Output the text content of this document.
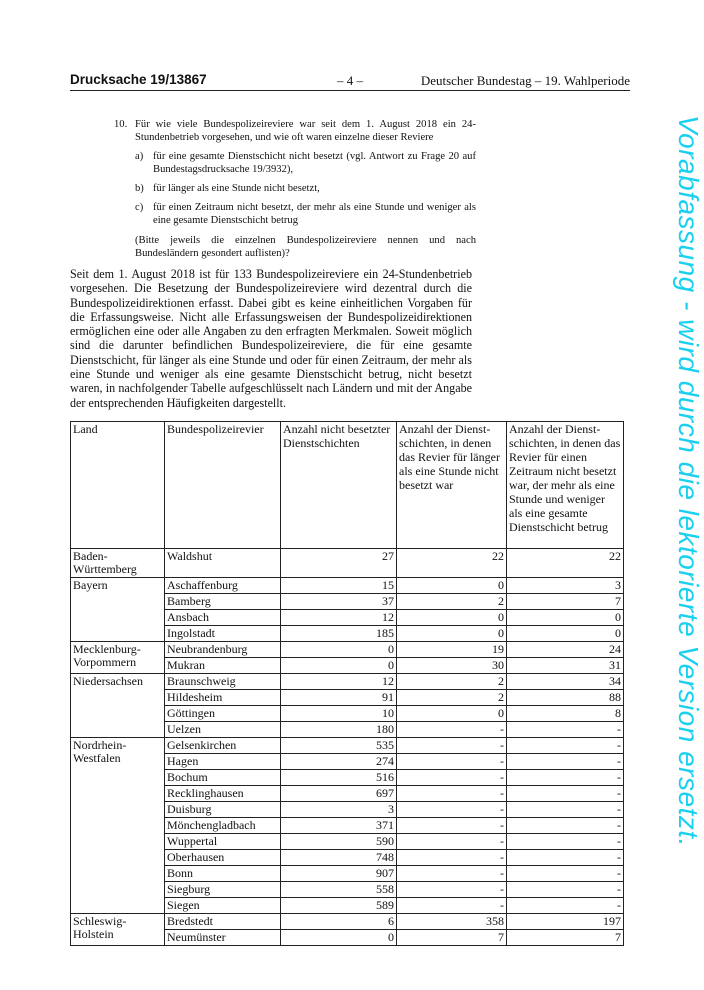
Drucksache 19/13867	– 4 –	Deutscher Bundestag – 19. Wahlperiode
Vorabfassung - wird durch die lektorierte Version ersetzt.

10. Für wie viele Bundespolizeireviere war seit dem 1. August 2018 ein 24-Stundenbetrieb vorgesehen, und wie oft waren einzelne dieser Reviere

a) für eine gesamte Dienstschicht nicht besetzt (vgl. Antwort zu Frage 20 auf Bundestagsdrucksache 19/3932),

b) für länger als eine Stunde nicht besetzt,

c) für einen Zeitraum nicht besetzt, der mehr als eine Stunde und weniger als eine gesamte Dienstschicht betrug

(Bitte jeweils die einzelnen Bundespolizeireviere nennen und nach Bundesländern gesondert auflisten)?

Seit dem 1. August 2018 ist für 133 Bundespolizeireviere ein 24-Stundenbetrieb vorgesehen. Die Besetzung der Bundespolizeireviere wird dezentral durch die Bundespolizeidirektionen erfasst. Dabei gibt es keine einheitlichen Vorgaben für die Erfassungsweise. Nicht alle Erfassungsweisen der Bundespolizeidirektionen ermöglichen eine oder alle Angaben zu den erfragten Merkmalen. Soweit möglich sind die darunter befindlichen Bundespolizeireviere, die für eine gesamte Dienstschicht, für länger als eine Stunde und oder für einen Zeitraum, der mehr als eine Stunde und weniger als eine gesamte Dienstschicht betrug, nicht besetzt waren, in nachfolgender Tabelle aufgeschlüsselt nach Ländern und mit der Angabe der entsprechenden Häufigkeiten dargestellt.

Land	Bundespolizeirevier	Anzahl nicht besetzter Dienstschichten	Anzahl der Dienstschichten, in denen das Revier für länger als eine Stunde nicht besetzt war	Anzahl der Dienstschichten, in denen das Revier für einen Zeitraum nicht besetzt war, der mehr als eine Stunde und weniger als eine gesamte Dienstschicht betrug
Baden-Württemberg	Waldshut	27	22	22
Bayern	Aschaffenburg	15	0	3
	Bamberg	37	2	7
	Ansbach	12	0	0
	Ingolstadt	185	0	0
Mecklenburg-Vorpommern	Neubrandenburg	0	19	24
	Mukran	0	30	31
Niedersachsen	Braunschweig	12	2	34
	Hildesheim	91	2	88
	Göttingen	10	0	8
	Uelzen	180	-	-
Nordrhein-Westfalen	Gelsenkirchen	535	-	-
	Hagen	274	-	-
	Bochum	516	-	-
	Recklinghausen	697	-	-
	Duisburg	3	-	-
	Mönchengladbach	371	-	-
	Wuppertal	590	-	-
	Oberhausen	748	-	-
	Bonn	907	-	-
	Siegburg	558	-	-
	Siegen	589	-	-
Schleswig-Holstein	Bredstedt	6	358	197
	Neumünster	0	7	7
